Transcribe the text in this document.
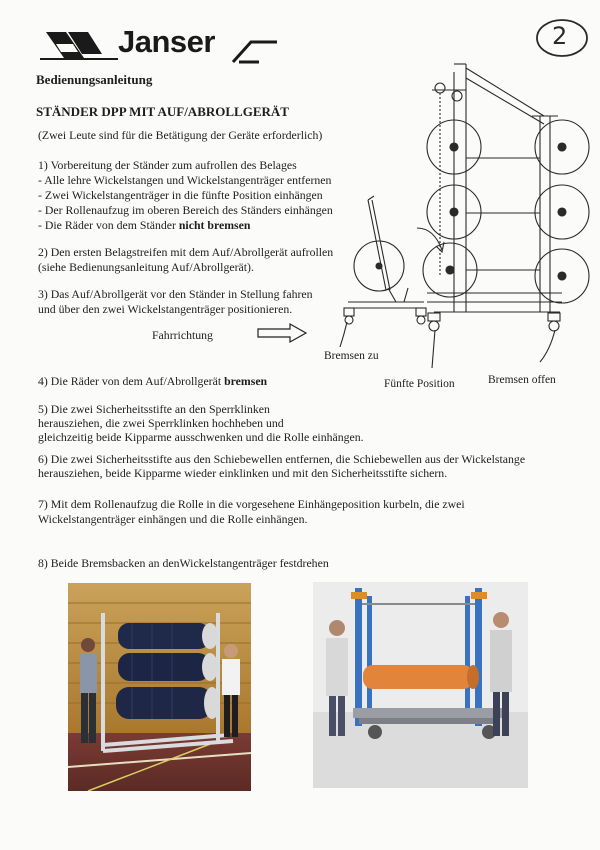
Janser	2
Bedienungsanleitung
STÄNDER DPP MIT AUF/ABROLLGERÄT
(Zwei Leute sind für die Betätigung der Geräte erforderlich)
1) Vorbereitung der Ständer zum aufrollen des Belages
- Alle lehre Wickelstangen und Wickelstangenträger entfernen
- Zwei Wickelstangenträger in die fünfte Position einhängen
- Der Rollenaufzug im oberen Bereich des Ständers einhängen
- Die Räder von dem Ständer nicht bremsen
2) Den ersten Belagstreifen mit dem Auf/Abrollgerät aufrollen
(siehe Bedienungsanleitung Auf/Abrollgerät).
3) Das Auf/Abrollgerät vor den Ständer in Stellung fahren
und über den zwei Wickelstangenträger positionieren.
Fahrrichtung
Bremsen zu
Fünfte Position	Bremsen offen
4) Die Räder von dem Auf/Abrollgerät bremsen
5) Die zwei Sicherheitsstifte an den Sperrklinken
herausziehen, die zwei Sperrklinken hochheben und
gleichzeitig beide Kipparme ausschwenken und die Rolle einhängen.
6) Die zwei Sicherheitsstifte aus den Schiebewellen entfernen, die Schiebewellen aus der Wickelstange
herausziehen, beide Kipparme wieder einklinken und mit den Sicherheitsstifte sichern.
7) Mit dem Rollenaufzug die Rolle in die vorgesehene Einhängeposition kurbeln, die zwei
Wickelstangenträger einhängen und die Rolle einhängen.
8) Beide Bremsbacken an denWickelstangenträger festdrehen
